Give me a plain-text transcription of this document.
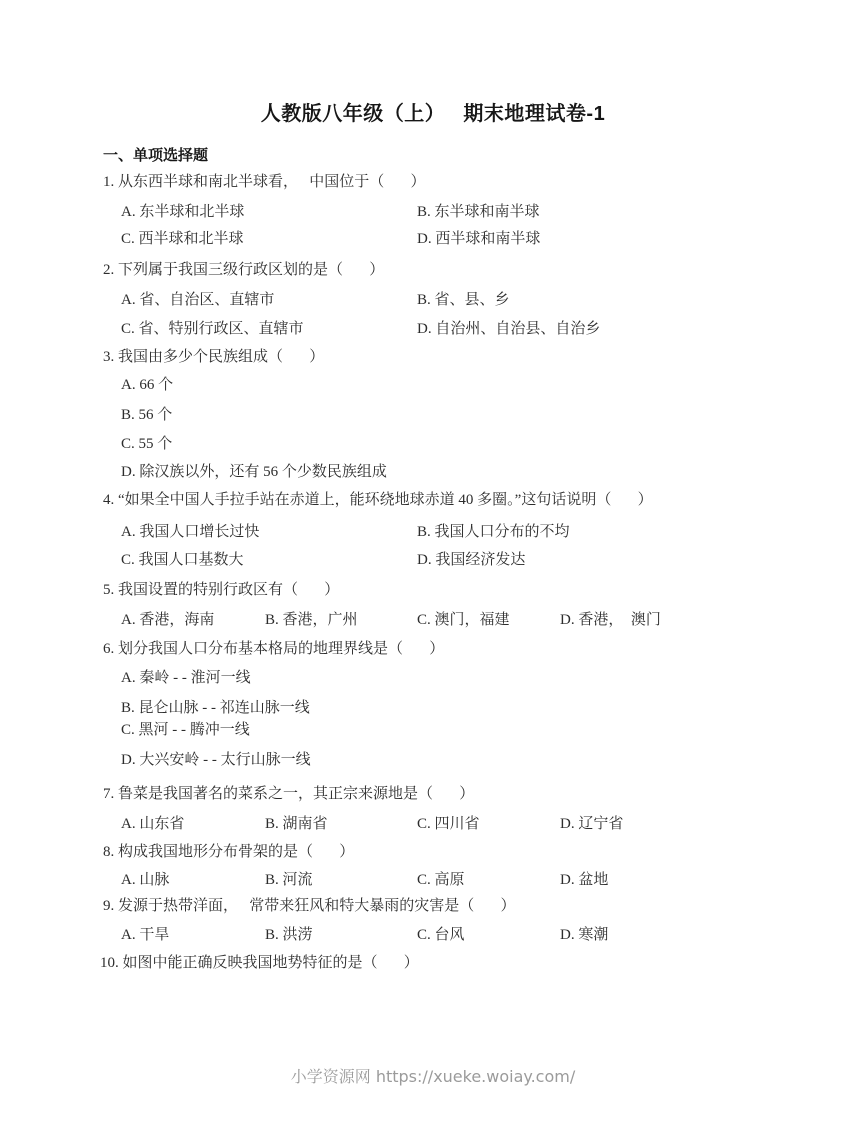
人教版八年级（上）   期末地理试卷-1
一、单项选择题
1. 从东西半球和南北半球看，   中国位于（       ）
A. 东半球和北半球	B. 东半球和南半球
C. 西半球和北半球	D. 西半球和南半球
2. 下列属于我国三级行政区划的是（       ）
A. 省、自治区、直辖市	B. 省、县、乡
C. 省、特别行政区、直辖市	D. 自治州、自治县、自治乡
3. 我国由多少个民族组成（       ）
A. 66 个
B. 56 个
C. 55 个
D. 除汉族以外，还有 56 个少数民族组成
4. “如果全中国人手拉手站在赤道上，能环绕地球赤道 40 多圈。”这句话说明（       ）
A. 我国人口增长过快	B. 我国人口分布的不均
C. 我国人口基数大	D. 我国经济发达
5. 我国设置的特别行政区有（       ）
A. 香港，海南	B. 香港，广州	C. 澳门，福建	D. 香港，  澳门
6. 划分我国人口分布基本格局的地理界线是（       ）
A. 秦岭 - - 淮河一线
B. 昆仑山脉 - - 祁连山脉一线
C. 黑河 - - 腾冲一线
D. 大兴安岭 - - 太行山脉一线
7. 鲁菜是我国著名的菜系之一，其正宗来源地是（       ）
A. 山东省	B. 湖南省	C. 四川省	D. 辽宁省
8. 构成我国地形分布骨架的是（       ）
A. 山脉	B. 河流	C. 高原	D. 盆地
9. 发源于热带洋面，   常带来狂风和特大暴雨的灾害是（       ）
A. 干旱	B. 洪涝	C. 台风	D. 寒潮
10. 如图中能正确反映我国地势特征的是（       ）
小学资源网 https://xueke.woiay.com/
